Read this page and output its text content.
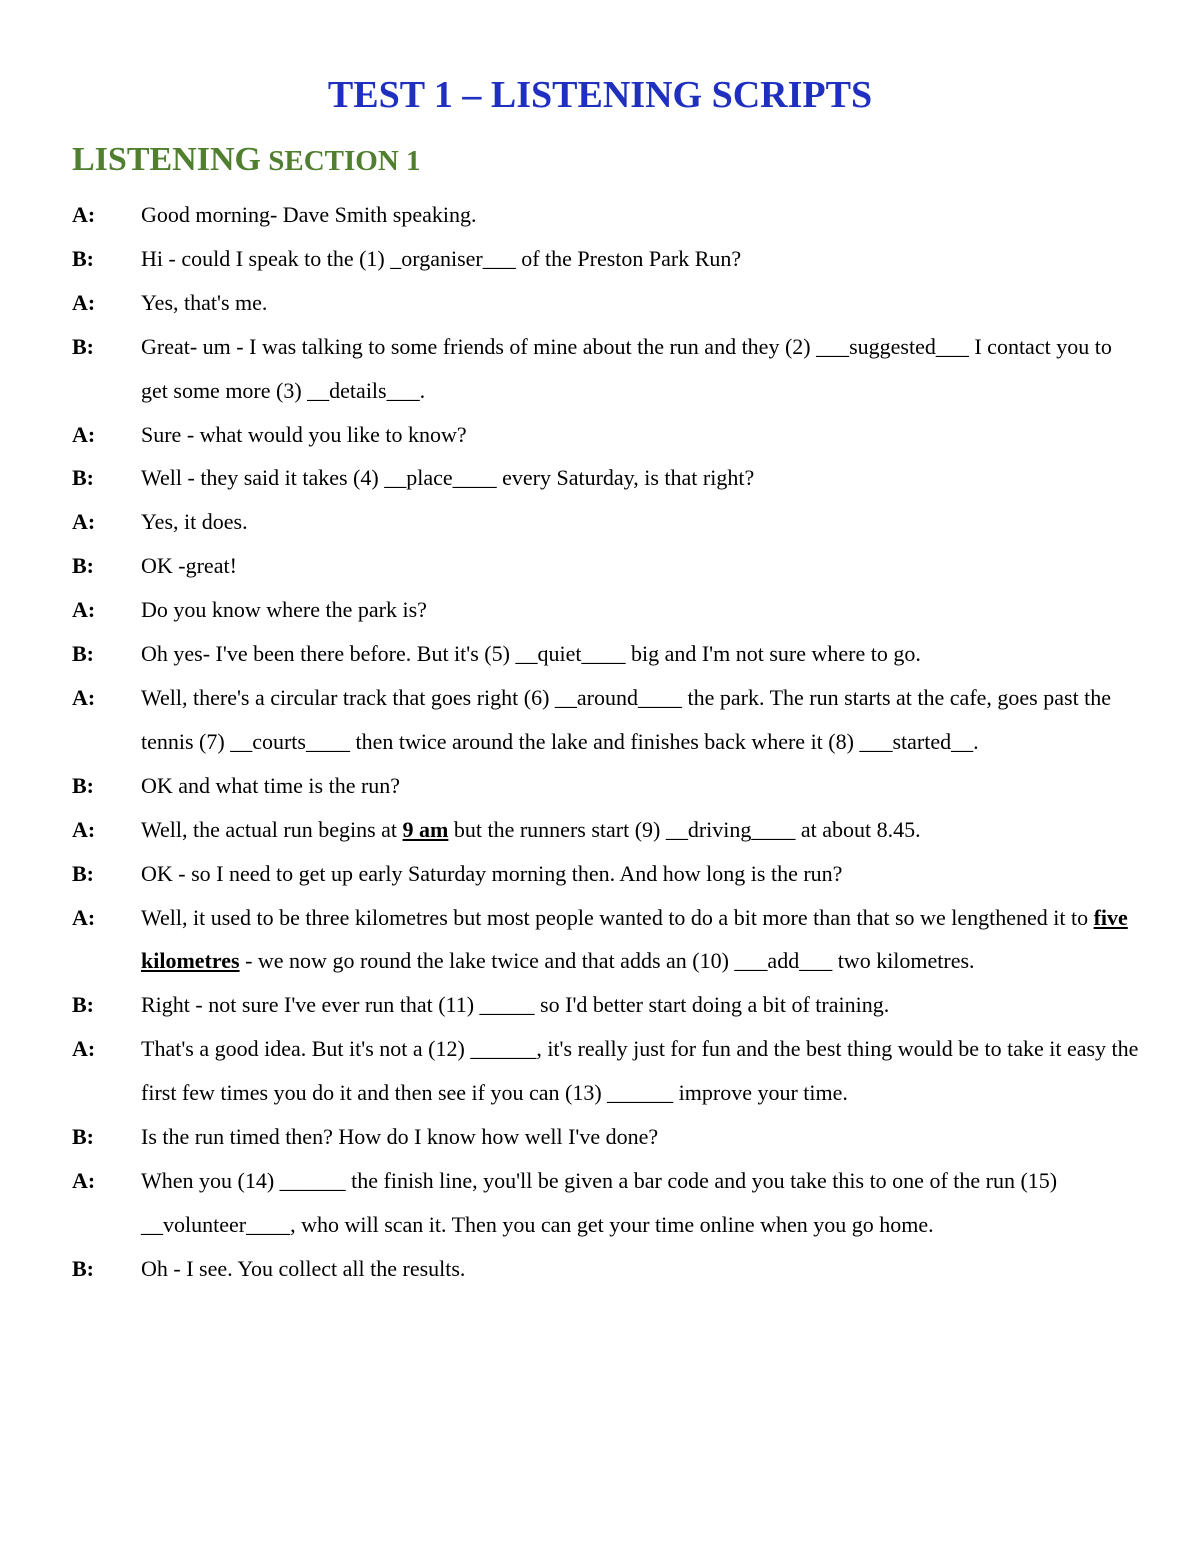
TEST 1 – LISTENING SCRIPTS
LISTENING SECTION 1
A:	Good morning- Dave Smith speaking.

B:	Hi - could I speak to the (1) _organiser___ of the Preston Park Run?

A:	Yes, that's me.

B:	Great- um - I was talking to some friends of mine about the run and they (2) ___suggested___ I contact you to get some more (3) __details___.

A:	Sure - what would you like to know?

B:	Well - they said it takes (4) __place____ every Saturday, is that right?

A:	Yes, it does.

B:	OK -great!

A:	Do you know where the park is?

B:	Oh yes- I've been there before. But it's (5) __quiet____ big and I'm not sure where to go.

A:	Well, there's a circular track that goes right (6) __around____ the park. The run starts at the cafe, goes past the tennis (7) __courts____ then twice around the lake and finishes back where it (8) ___started__.

B:	OK and what time is the run?

A:	Well, the actual run begins at 9 am but the runners start (9) __driving____ at about 8.45.

B:	OK - so I need to get up early Saturday morning then. And how long is the run?

A:	Well, it used to be three kilometres but most people wanted to do a bit more than that so we lengthened it to five kilometres - we now go round the lake twice and that adds an (10) ___add___ two kilometres.

B:	Right - not sure I've ever run that (11) _____ so I'd better start doing a bit of training.

A:	That's a good idea. But it's not a (12) ______, it's really just for fun and the best thing would be to take it easy the first few times you do it and then see if you can (13) ______ improve your time.

B:	Is the run timed then? How do I know how well I've done?

A:	When you (14) ______ the finish line, you'll be given a bar code and you take this to one of the run (15) __volunteer____, who will scan it. Then you can get your time online when you go home.

B:	Oh - I see. You collect all the results.
